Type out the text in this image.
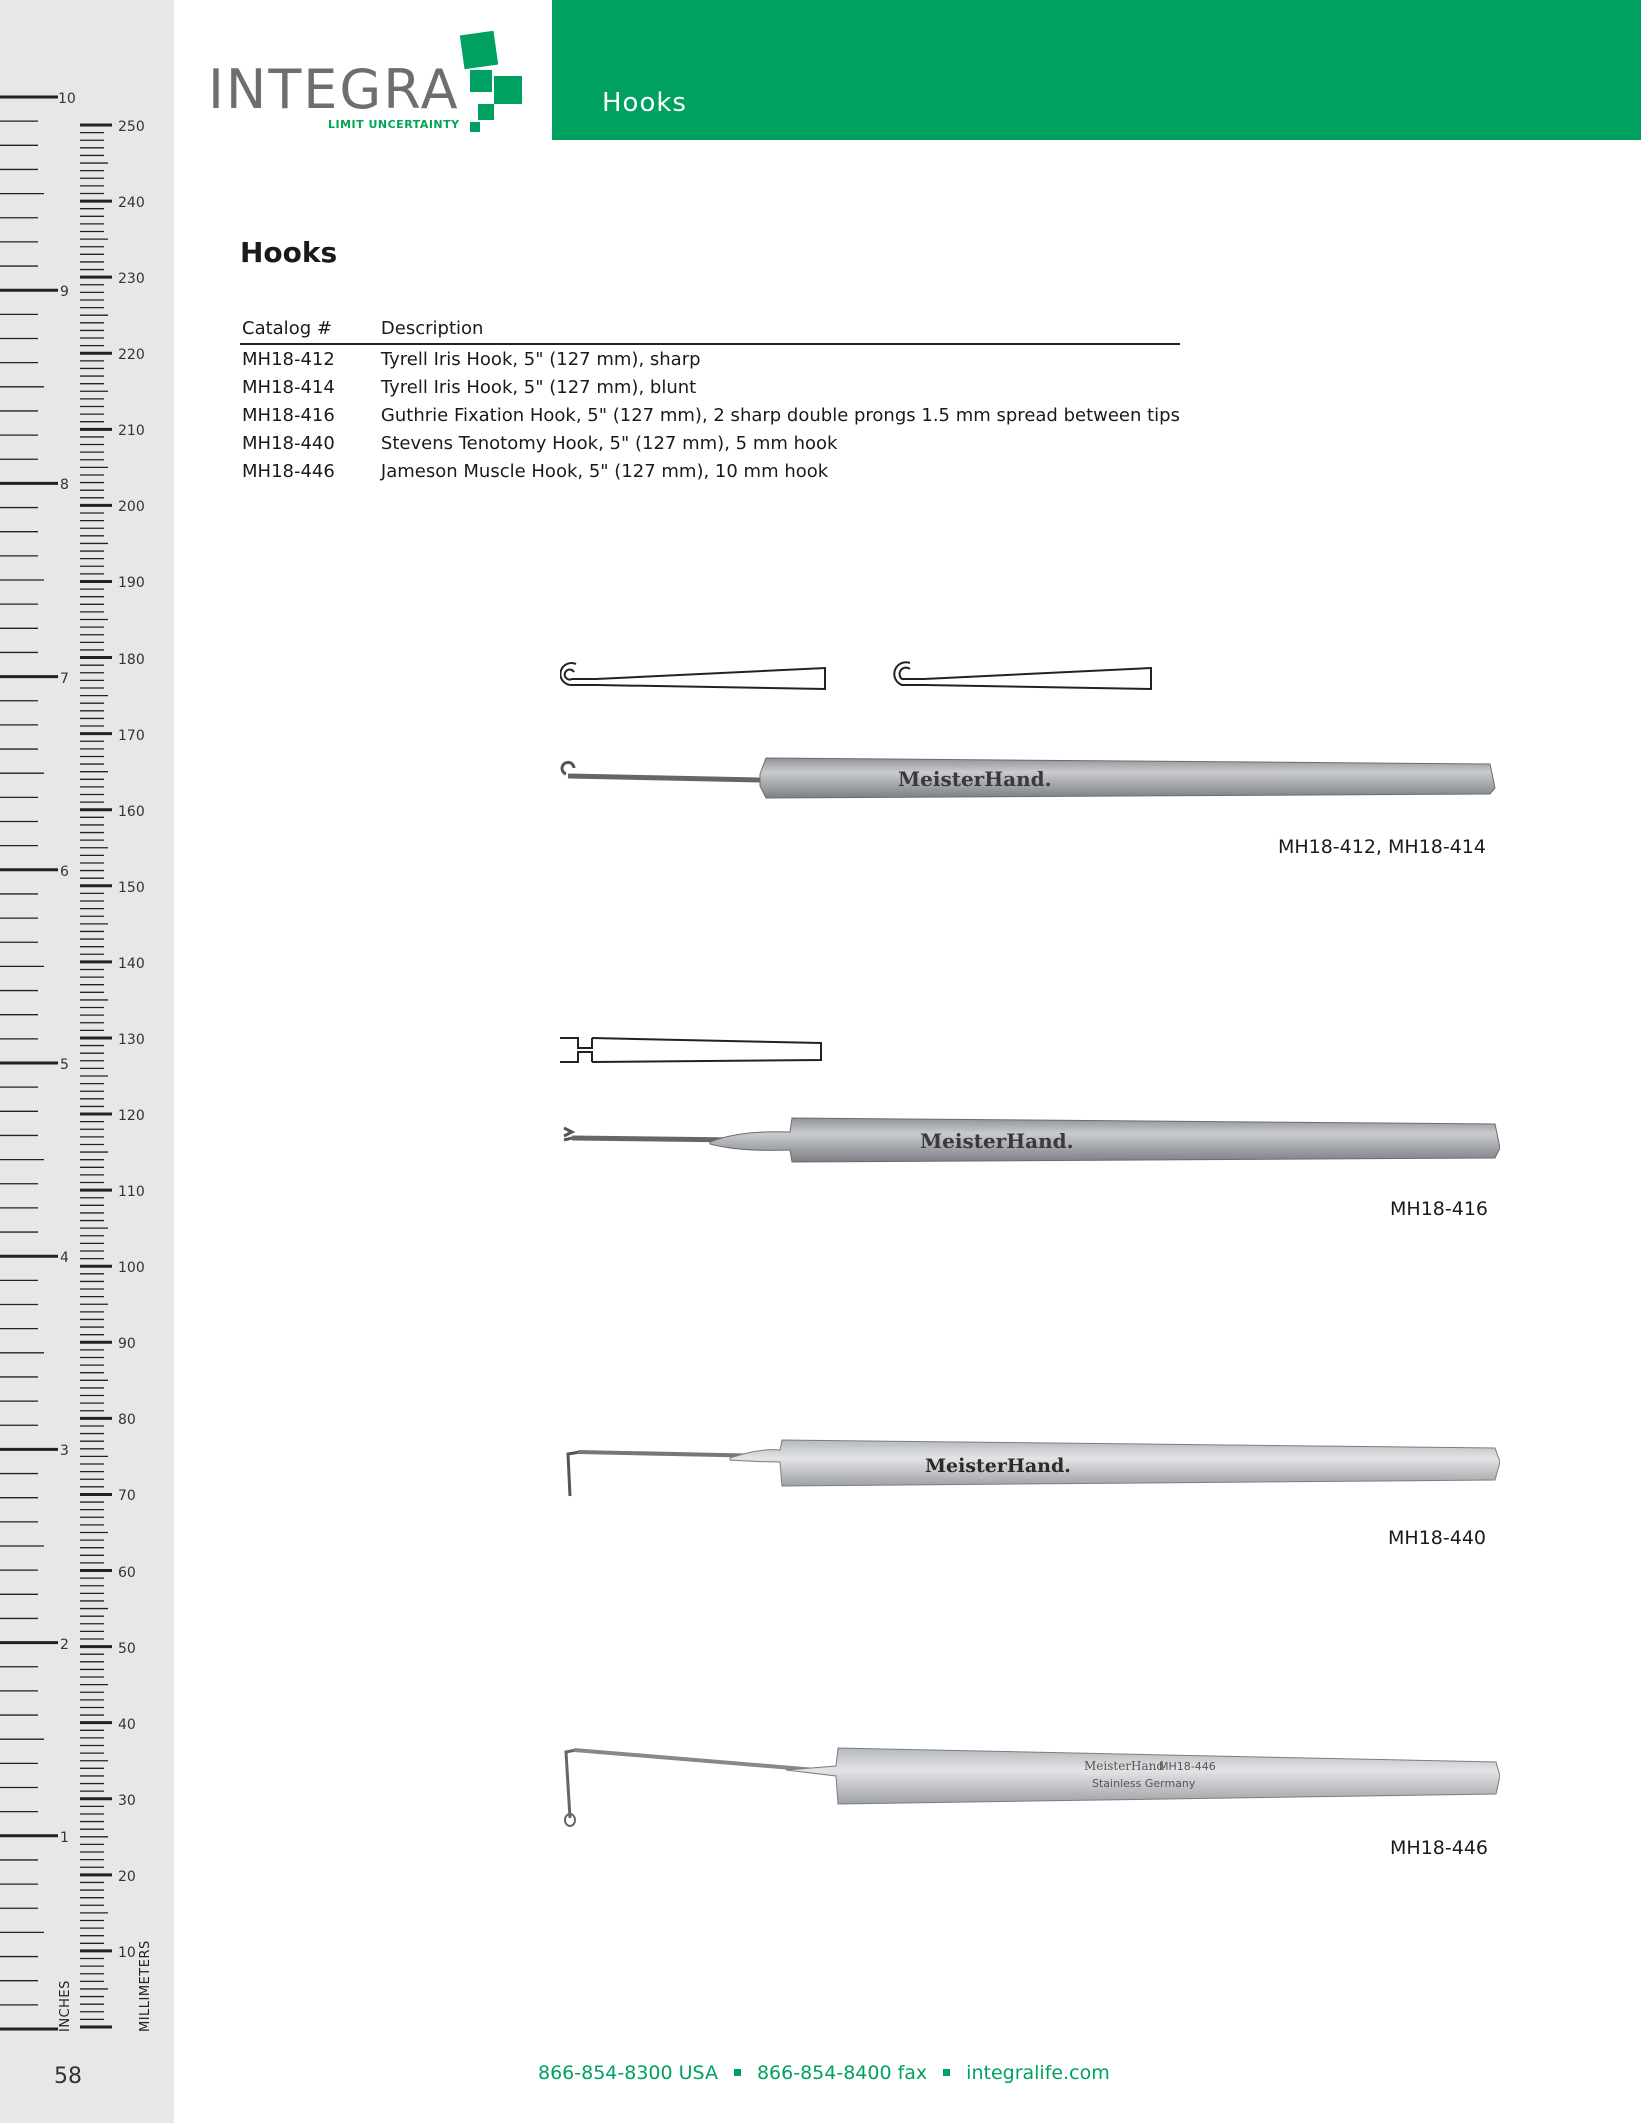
INCHES	MILLIMETERS
58
10
9
8
7
6
5
4
3
2
1
250
240
230
220
210
200
190
180
170
160
150
140
130
120
110
100
90
80
70
60
50
40
30
20
10
INTEGRA
LIMIT UNCERTAINTY
Hooks
Hooks
Catalog #	Description
MH18-412	Tyrell Iris Hook, 5" (127 mm), sharp
MH18-414	Tyrell Iris Hook, 5" (127 mm), blunt
MH18-416	Guthrie Fixation Hook, 5" (127 mm), 2 sharp double prongs 1.5 mm spread between tips
MH18-440	Stevens Tenotomy Hook, 5" (127 mm), 5 mm hook
MH18-446	Jameson Muscle Hook, 5" (127 mm), 10 mm hook
MeisterHand.
MH18-412, MH18-414
MeisterHand.
MH18-416
MeisterHand.
MH18-440
MeisterHand
MH18-446
Stainless Germany
MH18-446
866-854-8300 USA 866-854-8400 fax integralife.com
